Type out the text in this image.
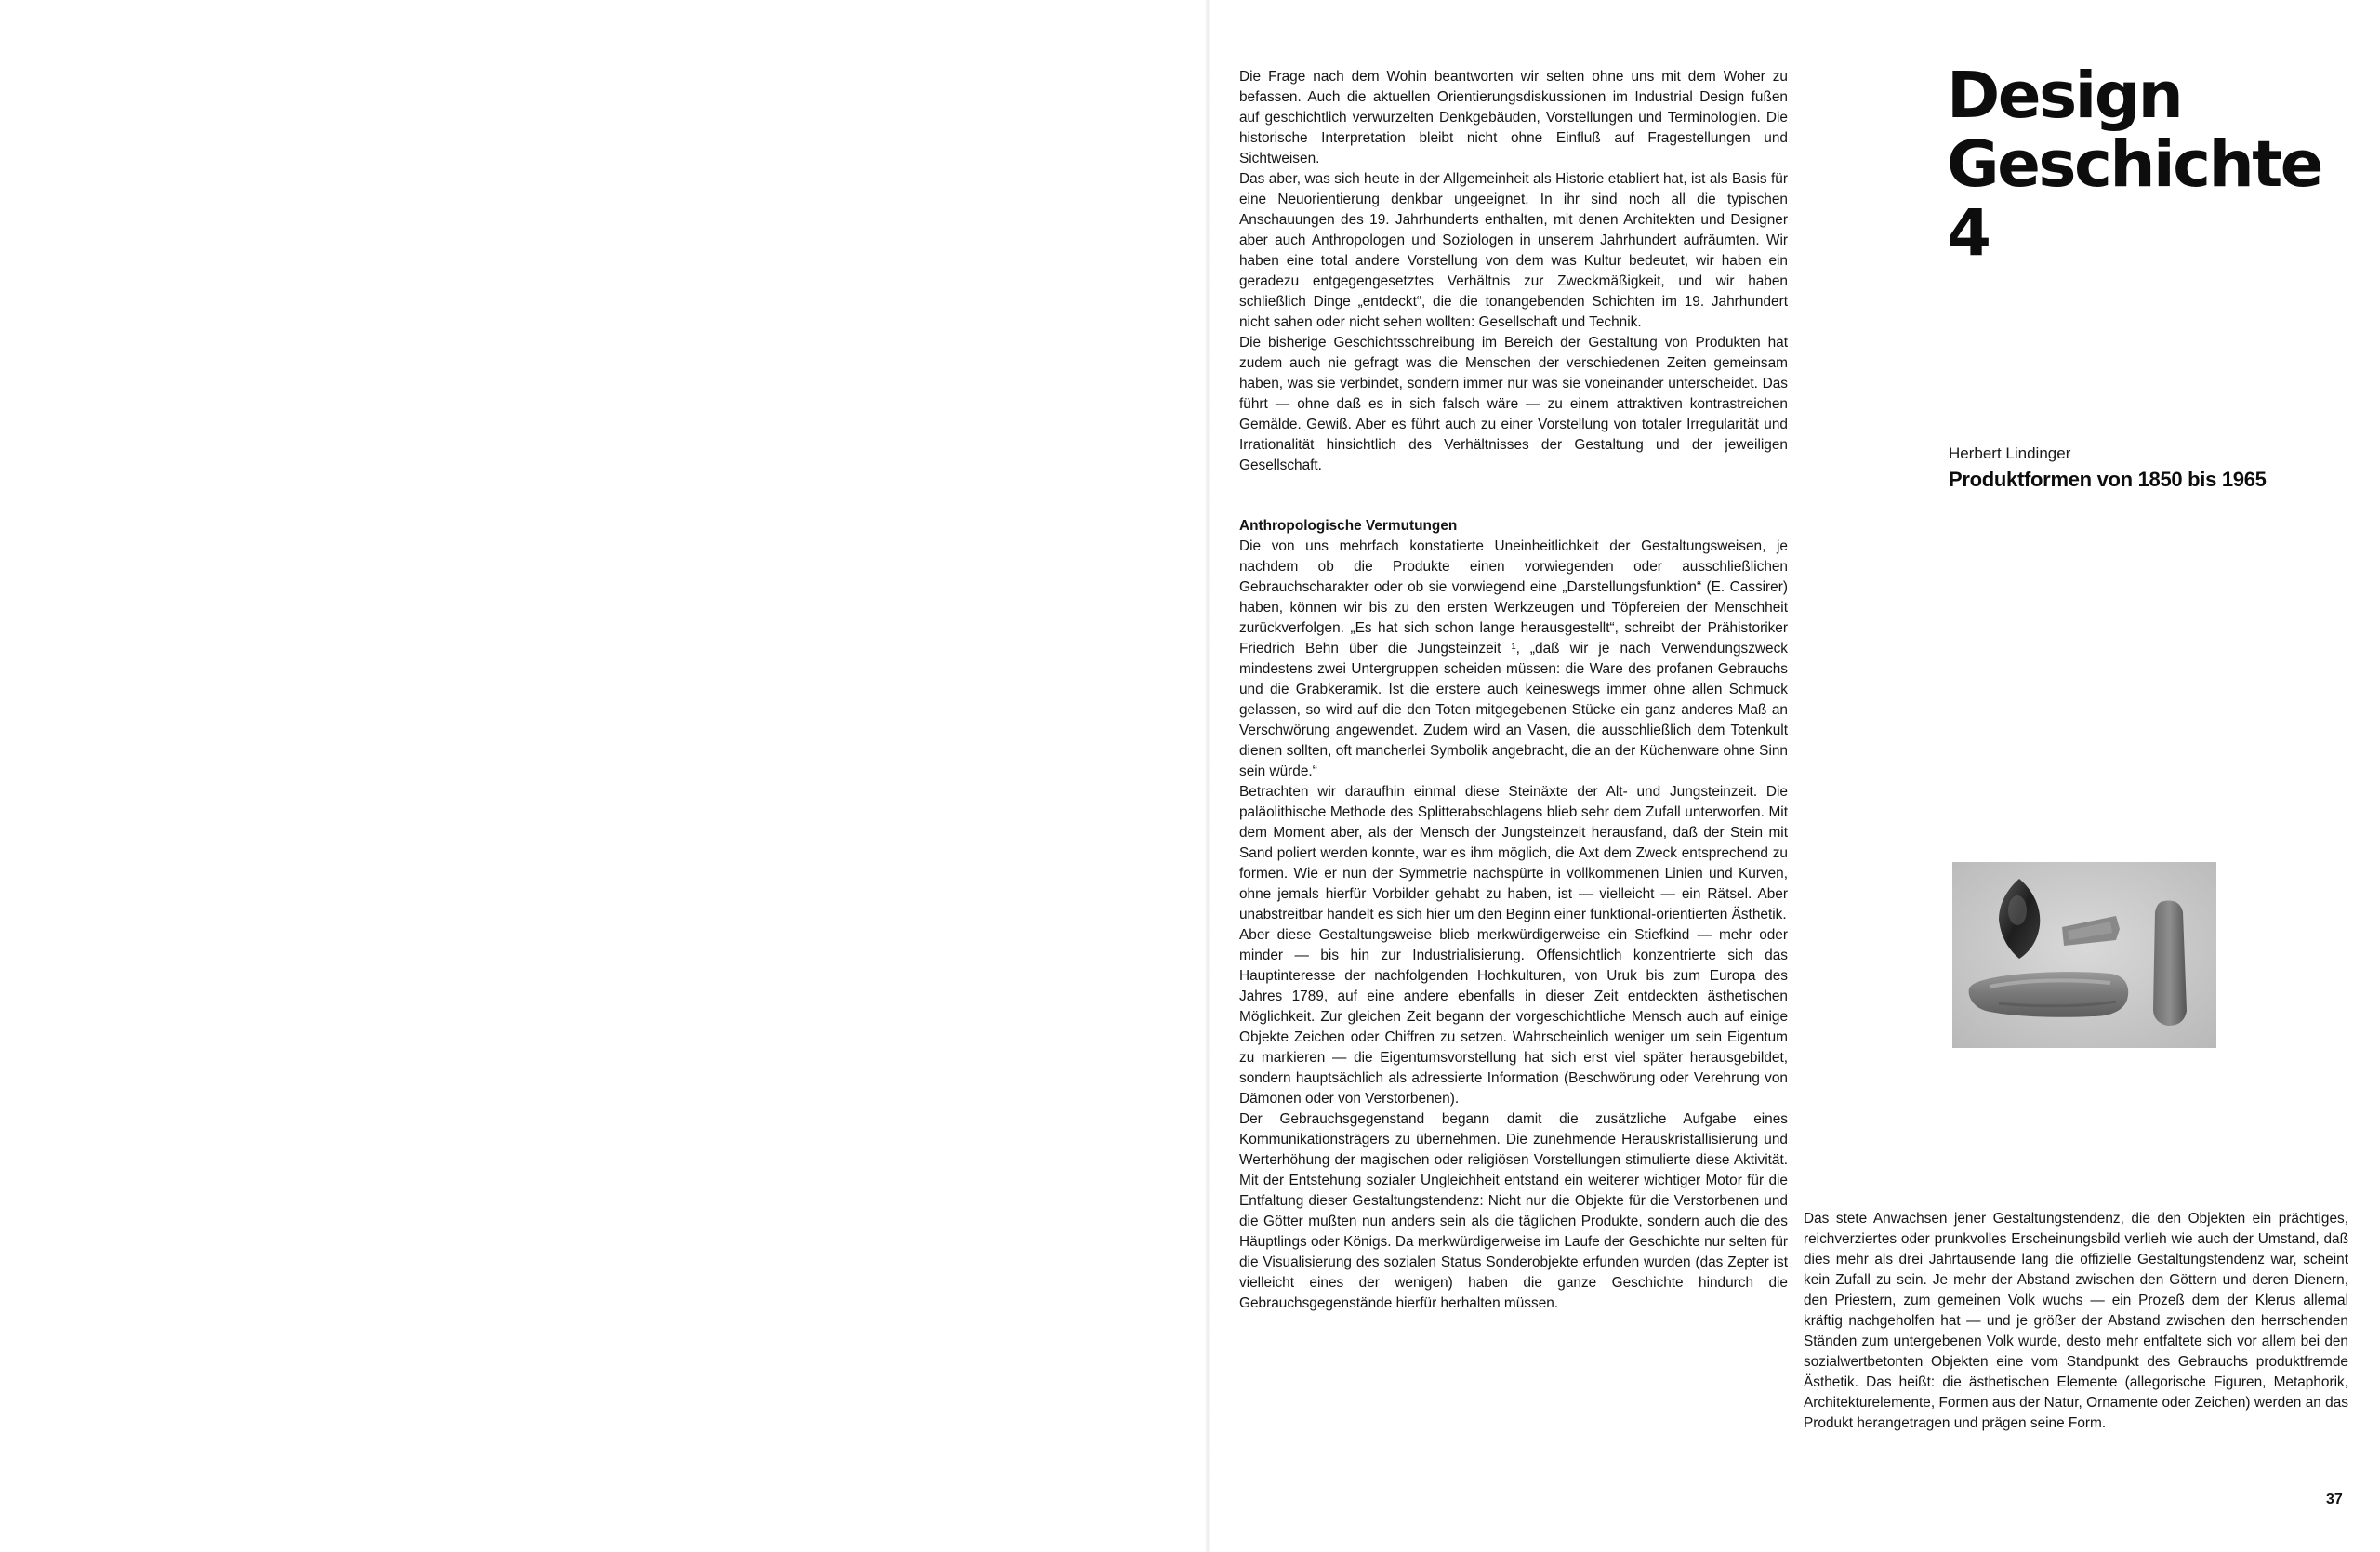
Die Frage nach dem Wohin beantworten wir selten ohne uns mit dem Woher zu befassen. Auch die aktuellen Orientierungsdiskussionen im Industrial Design fußen auf geschichtlich verwurzelten Denkgebäuden, Vorstellungen und Terminologien. Die historische Interpretation bleibt nicht ohne Einfluß auf Fragestellungen und Sichtweisen.

Das aber, was sich heute in der Allgemeinheit als Historie etabliert hat, ist als Basis für eine Neuorientierung denkbar ungeeignet. In ihr sind noch all die typischen Anschauungen des 19. Jahrhunderts enthalten, mit denen Architekten und Designer aber auch Anthropologen und Soziologen in unserem Jahrhundert aufräumten. Wir haben eine total andere Vorstellung von dem was Kultur bedeutet, wir haben ein geradezu entgegengesetztes Verhältnis zur Zweckmäßigkeit, und wir haben schließlich Dinge „entdeckt“, die die tonangebenden Schichten im 19. Jahrhundert nicht sahen oder nicht sehen wollten: Gesellschaft und Technik.

Die bisherige Geschichtsschreibung im Bereich der Gestaltung von Produkten hat zudem auch nie gefragt was die Menschen der verschiedenen Zeiten gemeinsam haben, was sie verbindet, sondern immer nur was sie voneinander unterscheidet. Das führt — ohne daß es in sich falsch wäre — zu einem attraktiven kontrastreichen Gemälde. Gewiß. Aber es führt auch zu einer Vorstellung von totaler Irregularität und Irrationalität hinsichtlich des Verhältnisses der Gestaltung und der jeweiligen Gesellschaft.

Anthropologische Vermutungen

Die von uns mehrfach konstatierte Uneinheitlichkeit der Gestaltungsweisen, je nachdem ob die Produkte einen vorwiegenden oder ausschließlichen Gebrauchscharakter oder ob sie vorwiegend eine „Darstellungsfunktion“ (E. Cassirer) haben, können wir bis zu den ersten Werkzeugen und Töpfereien der Menschheit zurückverfolgen. „Es hat sich schon lange herausgestellt“, schreibt der Prähistoriker Friedrich Behn über die Jungsteinzeit ¹, „daß wir je nach Verwendungszweck mindestens zwei Untergruppen scheiden müssen: die Ware des profanen Gebrauchs und die Grabkeramik. Ist die erstere auch keineswegs immer ohne allen Schmuck gelassen, so wird auf die den Toten mitgegebenen Stücke ein ganz anderes Maß an Verschwörung angewendet. Zudem wird an Vasen, die ausschließlich dem Totenkult dienen sollten, oft mancherlei Symbolik angebracht, die an der Küchenware ohne Sinn sein würde.“

Betrachten wir daraufhin einmal diese Steinäxte der Alt- und Jungsteinzeit. Die paläolithische Methode des Splitterabschlagens blieb sehr dem Zufall unterworfen. Mit dem Moment aber, als der Mensch der Jungsteinzeit herausfand, daß der Stein mit Sand poliert werden konnte, war es ihm möglich, die Axt dem Zweck entsprechend zu formen. Wie er nun der Symmetrie nachspürte in vollkommenen Linien und Kurven, ohne jemals hierfür Vorbilder gehabt zu haben, ist — vielleicht — ein Rätsel. Aber unabstreitbar handelt es sich hier um den Beginn einer funktional-orientierten Ästhetik.

Aber diese Gestaltungsweise blieb merkwürdigerweise ein Stiefkind — mehr oder minder — bis hin zur Industrialisierung. Offensichtlich konzentrierte sich das Hauptinteresse der nachfolgenden Hochkulturen, von Uruk bis zum Europa des Jahres 1789, auf eine andere ebenfalls in dieser Zeit entdeckten ästhetischen Möglichkeit. Zur gleichen Zeit begann der vorgeschichtliche Mensch auch auf einige Objekte Zeichen oder Chiffren zu setzen. Wahrscheinlich weniger um sein Eigentum zu markieren — die Eigentumsvorstellung hat sich erst viel später herausgebildet, sondern hauptsächlich als adressierte Information (Beschwörung oder Verehrung von Dämonen oder von Verstorbenen).

Der Gebrauchsgegenstand begann damit die zusätzliche Aufgabe eines Kommunikationsträgers zu übernehmen. Die zunehmende Herauskristallisierung und Werterhöhung der magischen oder religiösen Vorstellungen stimulierte diese Aktivität. Mit der Entstehung sozialer Ungleichheit entstand ein weiterer wichtiger Motor für die Entfaltung dieser Gestaltungstendenz: Nicht nur die Objekte für die Verstorbenen und die Götter mußten nun anders sein als die täglichen Produkte, sondern auch die des Häuptlings oder Königs. Da merkwürdigerweise im Laufe der Geschichte nur selten für die Visualisierung des sozialen Status Sonderobjekte erfunden wurden (das Zepter ist vielleicht eines der wenigen) haben die ganze Geschichte hindurch die Gebrauchsgegenstände hierfür herhalten müssen.

Design
Geschichte 4
Herbert Lindinger
Produktformen von 1850 bis 1965

Das stete Anwachsen jener Gestaltungstendenz, die den Objekten ein prächtiges, reichverziertes oder prunkvolles Erscheinungsbild verlieh wie auch der Umstand, daß dies mehr als drei Jahrtausende lang die offizielle Gestaltungstendenz war, scheint kein Zufall zu sein. Je mehr der Abstand zwischen den Göttern und deren Dienern, den Priestern, zum gemeinen Volk wuchs — ein Prozeß dem der Klerus allemal kräftig nachgeholfen hat — und je größer der Abstand zwischen den herrschenden Ständen zum untergebenen Volk wurde, desto mehr entfaltete sich vor allem bei den sozialwertbetonten Objekten eine vom Standpunkt des Gebrauchs produktfremde Ästhetik. Das heißt: die ästhetischen Elemente (allegorische Figuren, Metaphorik, Architekturelemente, Formen aus der Natur, Ornamente oder Zeichen) werden an das Produkt herangetragen und prägen seine Form.

37
